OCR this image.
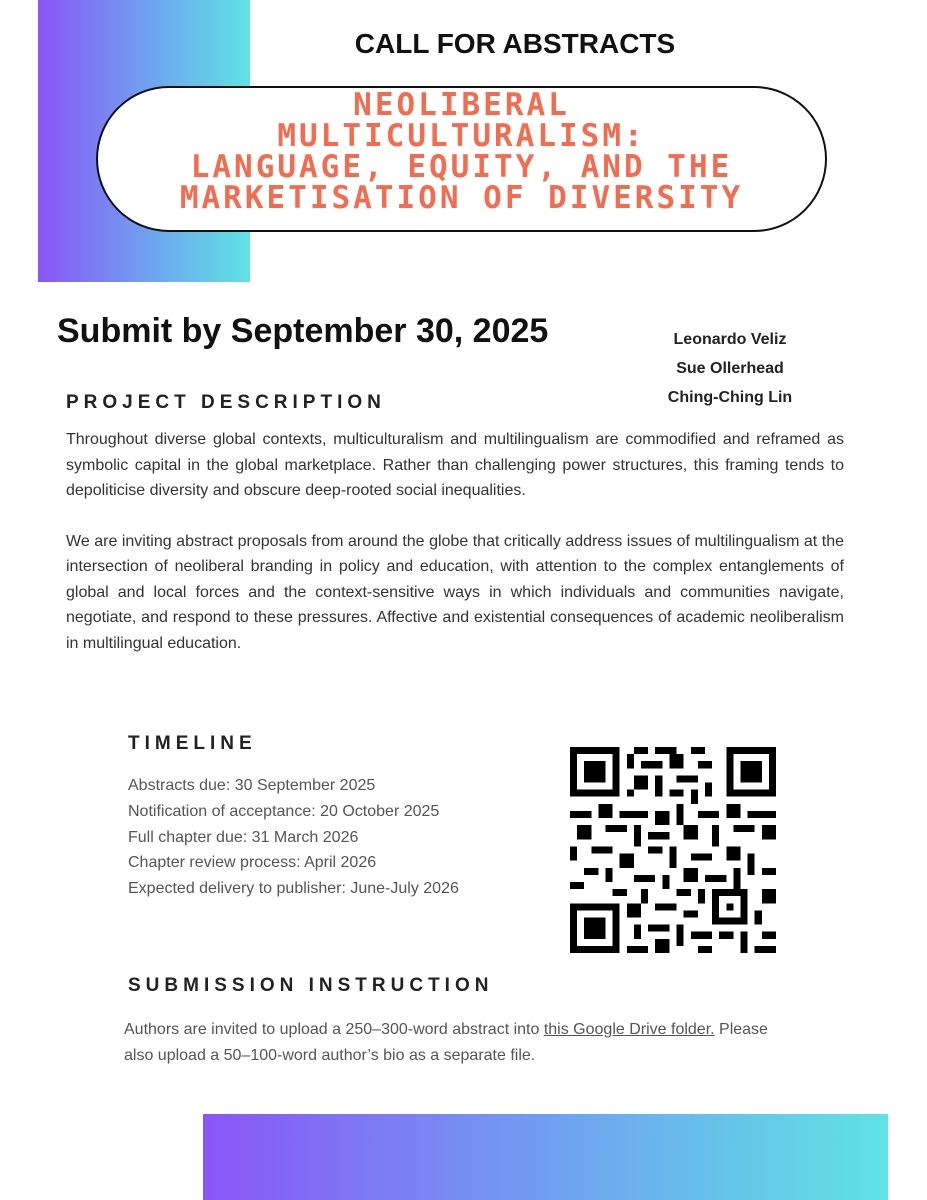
CALL FOR ABSTRACTS
NEOLIBERAL
MULTICULTURALISM:
LANGUAGE, EQUITY, AND THE
MARKETISATION OF DIVERSITY
Submit by September 30, 2025	Leonardo Veliz
Sue Ollerhead
Ching-Ching Lin
PROJECT DESCRIPTION

Throughout diverse global contexts, multiculturalism and multilingualism are commodified and reframed as symbolic capital in the global marketplace. Rather than challenging power structures, this framing tends to depoliticise diversity and obscure deep-rooted social inequalities.

We are inviting abstract proposals from around the globe that critically address issues of multilingualism at the intersection of neoliberal branding in policy and education, with attention to the complex entanglements of global and local forces and the context-sensitive ways in which individuals and communities navigate, negotiate, and respond to these pressures. Affective and existential consequences of academic neoliberalism in multilingual education.

TIMELINE
Abstracts due: 30 September 2025
Notification of acceptance: 20 October 2025
Full chapter due: 31 March 2026
Chapter review process: April 2026
Expected delivery to publisher: June-July 2026
SUBMISSION INSTRUCTION
Authors are invited to upload a 250–300-word abstract into this Google Drive folder. Please also upload a 50–100-word author’s bio as a separate file.
